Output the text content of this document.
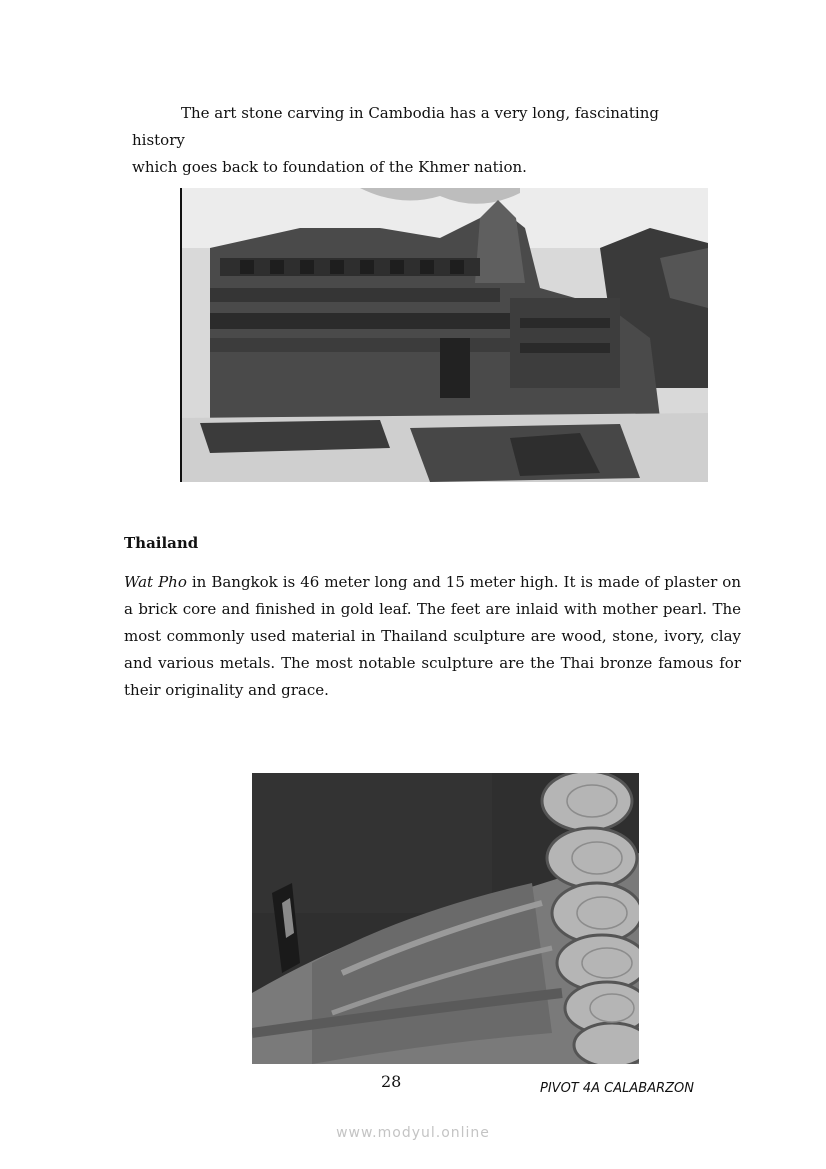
The art stone carving in Cambodia has a very long, fascinating history
which goes back to foundation of the Khmer nation.

Thailand

Wat Pho in Bangkok is 46 meter long and 15 meter high. It is made of plaster on a brick core and finished in gold leaf. The feet are inlaid with mother pearl. The most commonly used material in Thailand sculpture are wood, stone, ivory, clay and various metals. The most notable sculpture are the Thai bronze famous for their originality and grace.

28	PIVOT 4A CALABARZON
www.modyul.online
